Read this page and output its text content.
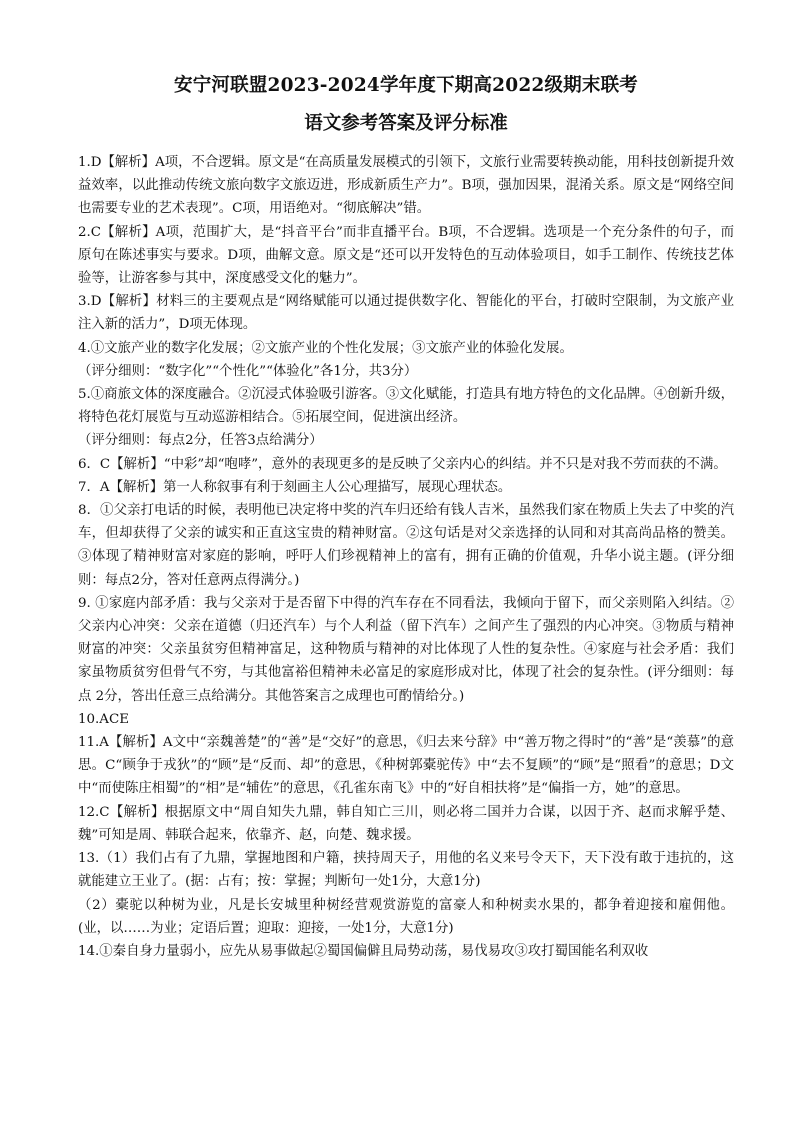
安宁河联盟2023-2024学年度下期高2022级期末联考
语文参考答案及评分标准

1.D【解析】A项，不合逻辑。原文是“在高质量发展模式的引领下，文旅行业需要转换动能，用科技创新提升效益效率，以此推动传统文旅向数字文旅迈进，形成新质生产力”。B项，强加因果，混淆关系。原文是“网络空间也需要专业的艺术表现”。C项，用语绝对。“彻底解决”错。

2.C【解析】A项，范围扩大，是“抖音平台”而非直播平台。B项，不合逻辑。选项是一个充分条件的句子，而原句在陈述事实与要求。D项，曲解文意。原文是“还可以开发特色的互动体验项目，如手工制作、传统技艺体验等，让游客参与其中，深度感受文化的魅力”。

3.D【解析】材料三的主要观点是“网络赋能可以通过提供数字化、智能化的平台，打破时空限制，为文旅产业注入新的活力”，D项无体现。

4.①文旅产业的数字化发展；②文旅产业的个性化发展；③文旅产业的体验化发展。

（评分细则：“数字化”“个性化”“体验化”各1分，共3分）

5.①商旅文体的深度融合。②沉浸式体验吸引游客。③文化赋能，打造具有地方特色的文化品牌。④创新升级，将特色花灯展览与互动巡游相结合。⑤拓展空间，促进演出经济。

（评分细则：每点2分，任答3点给满分）

6．C【解析】“中彩”却“咆哮”，意外的表现更多的是反映了父亲内心的纠结。并不只是对我不劳而获的不满。

7．A【解析】第一人称叙事有利于刻画主人公心理描写，展现心理状态。

8．①父亲打电话的时候，表明他已决定将中奖的汽车归还给有钱人吉米，虽然我们家在物质上失去了中奖的汽车，但却获得了父亲的诚实和正直这宝贵的精神财富。②这句话是对父亲选择的认同和对其高尚品格的赞美。③体现了精神财富对家庭的影响，呼吁人们珍视精神上的富有，拥有正确的价值观，升华小说主题。(评分细则：每点2分，答对任意两点得满分。)

9. ①家庭内部矛盾：我与父亲对于是否留下中得的汽车存在不同看法，我倾向于留下，而父亲则陷入纠结。② 父亲内心冲突：父亲在道德（归还汽车）与个人利益（留下汽车）之间产生了强烈的内心冲突。③物质与精神财富的冲突：父亲虽贫穷但精神富足，这种物质与精神的对比体现了人性的复杂性。④家庭与社会矛盾：我们家虽物质贫穷但骨气不穷，与其他富裕但精神未必富足的家庭形成对比，体现了社会的复杂性。(评分细则：每点 2分，答出任意三点给满分。其他答案言之成理也可酌情给分。)

10.ACE

11.A【解析】A文中“亲魏善楚”的“善”是“交好”的意思，《归去来兮辞》中“善万物之得时”的“善”是“羡慕”的意思。C“顾争于戎狄”的“顾”是“反而、却”的意思，《种树郭橐驼传》中“去不复顾”的“顾”是“照看”的意思；D文中“而使陈庄相蜀”的“相”是“辅佐”的意思，《孔雀东南飞》中的“好自相扶将”是“偏指一方，她”的意思。

12.C【解析】根据原文中“周自知失九鼎，韩自知亡三川，则必将二国并力合谋，以因于齐、赵而求解乎楚、魏”可知是周、韩联合起来，依靠齐、赵，向楚、魏求援。

13.（1）我们占有了九鼎，掌握地图和户籍，挟持周天子，用他的名义来号令天下，天下没有敢于违抗的，这就能建立王业了。(据：占有；按：掌握；判断句一处1分，大意1分)

（2）橐驼以种树为业，凡是长安城里种树经营观赏游览的富豪人和种树卖水果的，都争着迎接和雇佣他。(业，以……为业；定语后置；迎取：迎接，一处1分，大意1分)

14.①秦自身力量弱小，应先从易事做起②蜀国偏僻且局势动荡，易伐易攻③攻打蜀国能名利双收
